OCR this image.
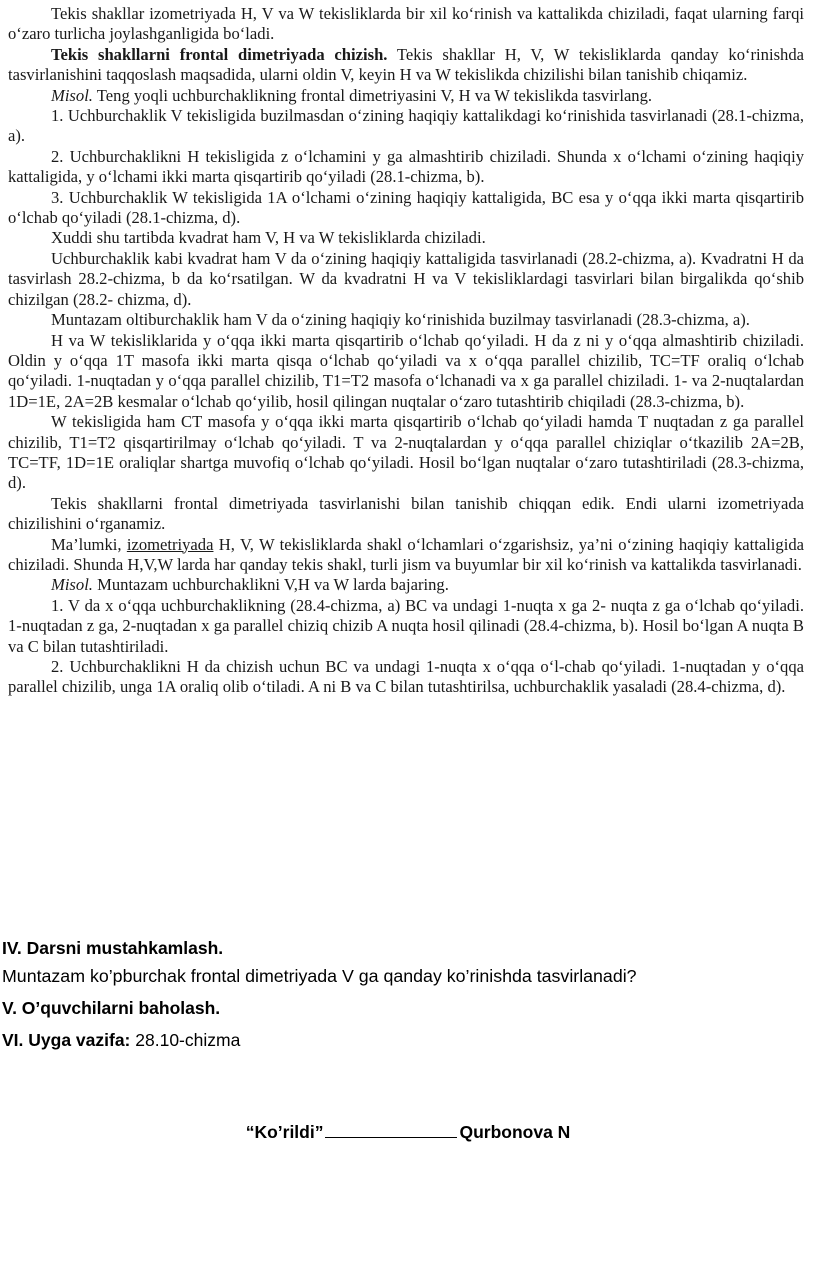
Tekis shakllar izometriyada H, V va W tekisliklarda bir xil ko‘rinish va kattalikda chiziladi, faqat ularning farqi o‘zaro turlicha joylashganligida bo‘ladi.

Tekis shakllarni frontal dimetriyada chizish. Tekis shakllar H, V, W tekisliklarda qanday ko‘rinishda tasvirlanishini taqqoslash maqsadida, ularni oldin V, keyin H va W tekislikda chizilishi bilan tanishib chiqamiz.

Misol. Teng yoqli uchburchaklikning frontal dimetriyasini V, H va W tekislikda tasvirlang.

1. Uchburchaklik V tekisligida buzilmasdan o‘zining haqiqiy kattalikdagi ko‘rinishida tasvirlanadi (28.1-chizma, a).

2. Uchburchaklikni H tekisligida z o‘lchamini y ga almashtirib chiziladi. Shunda x o‘lchami o‘zining haqiqiy kattaligida, y o‘lchami ikki marta qisqartirib qo‘yiladi (28.1-chizma, b).

3. Uchburchaklik W tekisligida 1A o‘lchami o‘zining haqiqiy kattaligida, BC esa y o‘qqa ikki marta qisqartirib o‘lchab qo‘yiladi (28.1-chizma, d).

Xuddi shu tartibda kvadrat ham V, H va W tekisliklarda chiziladi.

Uchburchaklik kabi kvadrat ham V da o‘zining haqiqiy kattaligida tasvirlanadi (28.2-chizma, a). Kvadratni H da tasvirlash 28.2-chizma, b da ko‘rsatilgan. W da kvadratni H va V tekisliklardagi tasvirlari bilan birgalikda qo‘shib chizilgan (28.2- chizma, d).

Muntazam oltiburchaklik ham V da o‘zining haqiqiy ko‘rinishida buzilmay tasvirlanadi (28.3-chizma, a).

H va W tekisliklarida y o‘qqa ikki marta qisqartirib o‘lchab qo‘yiladi. H da z ni y o‘qqa almashtirib chiziladi. Oldin y o‘qqa 1T masofa ikki marta qisqa o‘lchab qo‘yiladi va x o‘qqa parallel chizilib, TC=TF oraliq o‘lchab qo‘yiladi. 1-nuqtadan y o‘qqa parallel chizilib, T1=T2 masofa o‘lchanadi va x ga parallel chiziladi. 1- va 2-nuqtalardan 1D=1E, 2A=2B kesmalar o‘lchab qo‘yilib, hosil qilingan nuqtalar o‘zaro tutashtirib chiqiladi (28.3-chizma, b).

W tekisligida ham CT masofa y o‘qqa ikki marta qisqartirib o‘lchab qo‘yiladi hamda T nuqtadan z ga parallel chizilib, T1=T2 qisqartirilmay o‘lchab qo‘yiladi. T va 2-nuqtalardan y o‘qqa parallel chiziqlar o‘tkazilib 2A=2B, TC=TF, 1D=1E oraliqlar shartga muvofiq o‘lchab qo‘yiladi. Hosil bo‘lgan nuqtalar o‘zaro tutashtiriladi (28.3-chizma, d).

Tekis shakllarni frontal dimetriyada tasvirlanishi bilan tanishib chiqqan edik. Endi ularni izometriyada chizilishini o‘rganamiz.

Ma’lumki, izometriyada H, V, W tekisliklarda shakl o‘lchamlari o‘zgarishsiz, ya’ni o‘zining haqiqiy kattaligida chiziladi. Shunda H,V,W larda har qanday tekis shakl, turli jism va buyumlar bir xil ko‘rinish va kattalikda tasvirlanadi.

Misol. Muntazam uchburchaklikni V,H va W larda bajaring.

1. V da x o‘qqa uchburchaklikning (28.4-chizma, a) BC va undagi 1-nuqta x ga 2- nuqta z ga o‘lchab qo‘yiladi. 1-nuqtadan z ga, 2-nuqtadan x ga parallel chiziq chizib A nuqta hosil qilinadi (28.4-chizma, b). Hosil bo‘lgan A nuqta B va C bilan tutashtiriladi.

2. Uchburchaklikni H da chizish uchun BC va undagi 1-nuqta x o‘qqa o‘l-chab qo‘yiladi. 1-nuqtadan y o‘qqa parallel chizilib, unga 1A oraliq olib o‘tiladi. A ni B va C bilan tutashtirilsa, uchburchaklik yasaladi (28.4-chizma, d).

IV. Darsni mustahkamlash.
Muntazam ko’pburchak frontal dimetriyada V ga qanday ko’rinishda tasvirlanadi?
V. O’quvchilarni baholash.
VI. Uyga vazifa: 28.10-chizma
“Ko’rildi”	Qurbonova N
